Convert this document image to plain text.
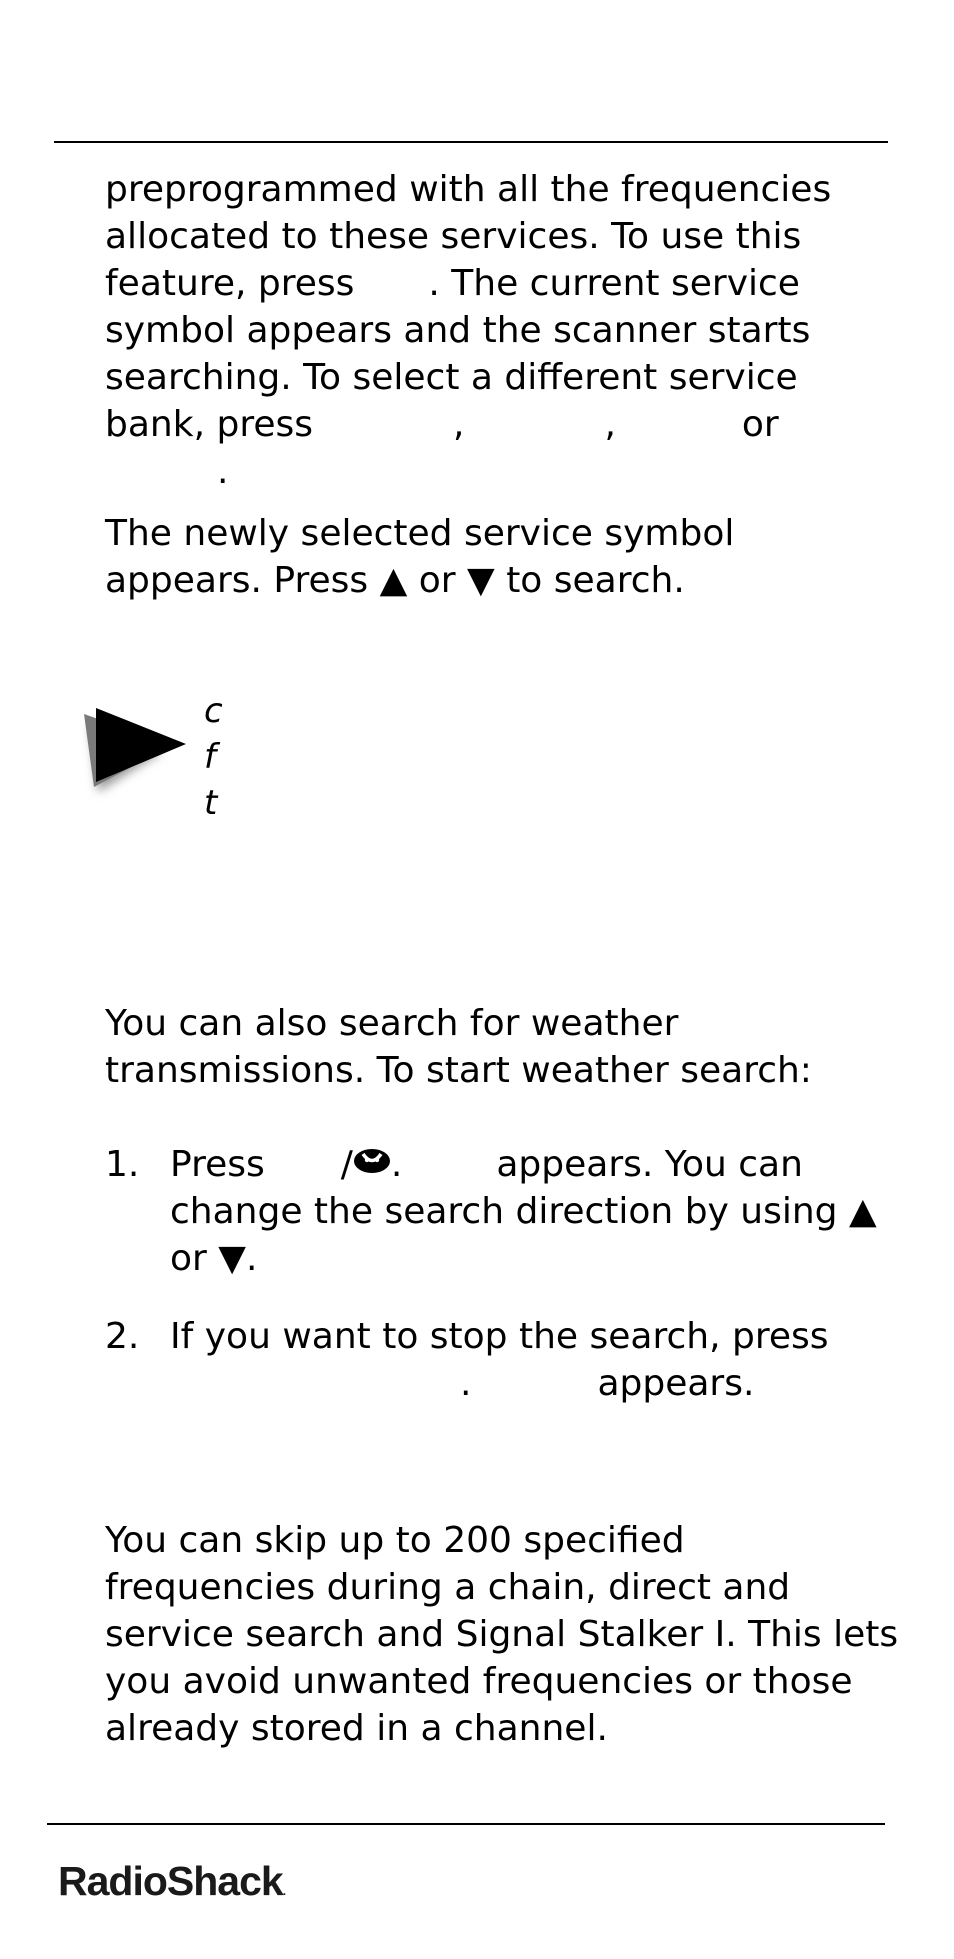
preprogrammed with all the frequencies
allocated to these services. To use this
feature, press . The current service
symbol appears and the scanner starts
searching. To select a different service
bank, press	,	,	or
.
The newly selected service symbol
appears. Press ▲ or ▼ to search.
c
f
t
You can also search for weather
transmissions. To start weather search:
1. Press / .	appears. You can
change the search direction by using ▲
or ▼.
2. If you want to stop the search, press
.	appears.
You can skip up to 200 specified
frequencies during a chain, direct and
service search and Signal Stalker I. This lets
you avoid unwanted frequencies or those
already stored in a channel.
RadioShack.
